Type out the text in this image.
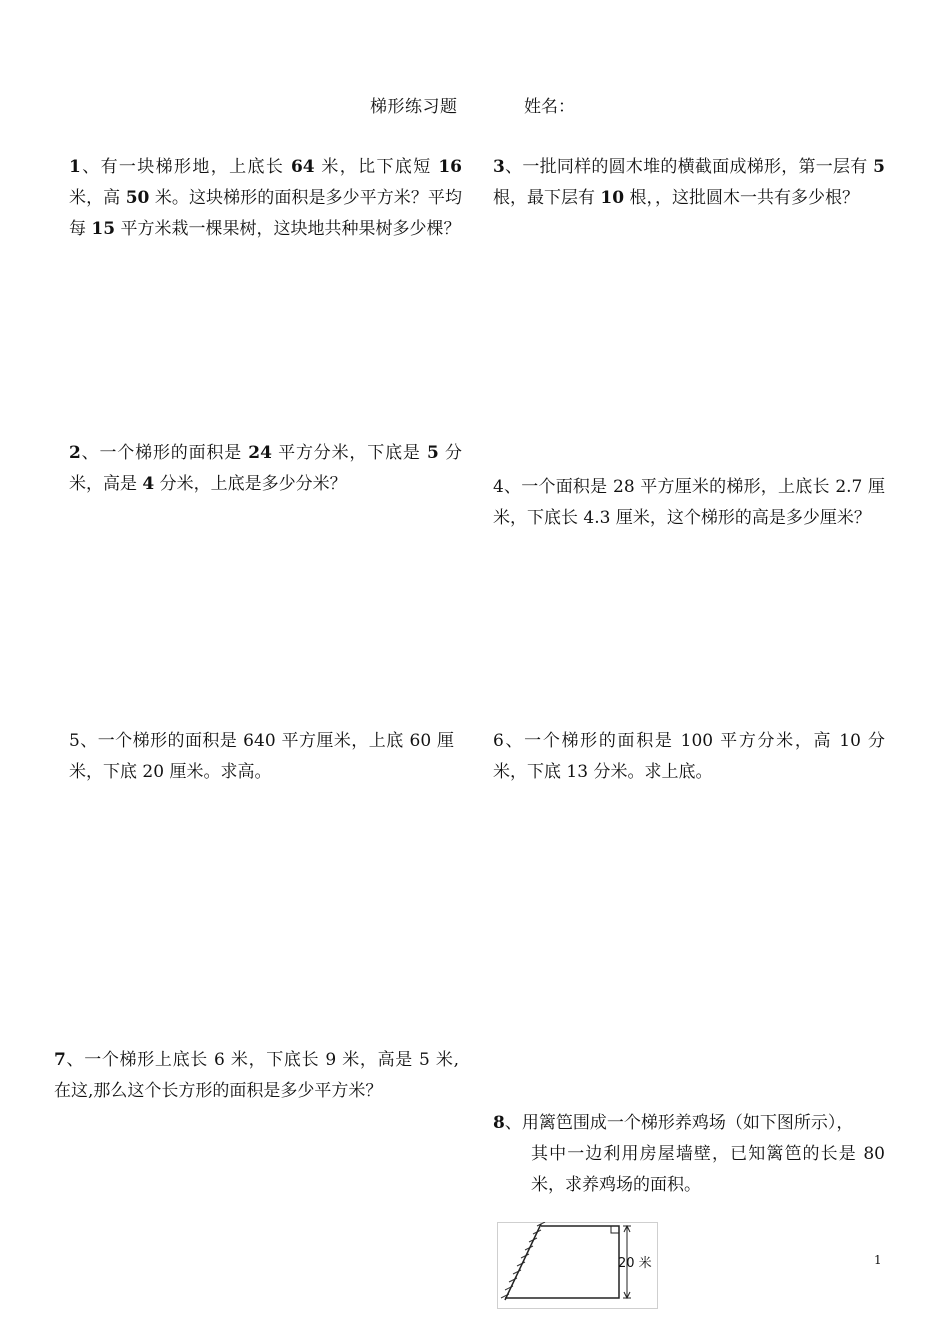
梯形练习题	姓名：
1、有一块梯形地，上底长 64 米，比下底短 16 米，高 50 米。这块梯形的面积是多少平方米？平均每 15 平方米栽一棵果树，这块地共种果树多少棵？
3、一批同样的圆木堆的横截面成梯形，第一层有 5 根，最下层有 10 根，，这批圆木一共有多少根？
2、一个梯形的面积是 24 平方分米，下底是 5 分米，高是 4 分米，上底是多少分米？	4、一个面积是 28 平方厘米的梯形，上底长 2.7 厘米，下底长 4.3 厘米，这个梯形的高是多少厘米？
5、一个梯形的面积是 640 平方厘米，上底 60 厘米，下底 20 厘米。求高。
6、一个梯形的面积是 100 平方分米，高 10 分米，下底 13 分米。求上底。
7、一个梯形上底长 6 米，下底长 9 米，高是 5 米,在这,那么这个长方形的面积是多少平方米？
8、用篱笆围成一个梯形养鸡场（如下图所示），
其中一边利用房屋墙壁，已知篱笆的长是 80 米，求养鸡场的面积。
20 米	1
